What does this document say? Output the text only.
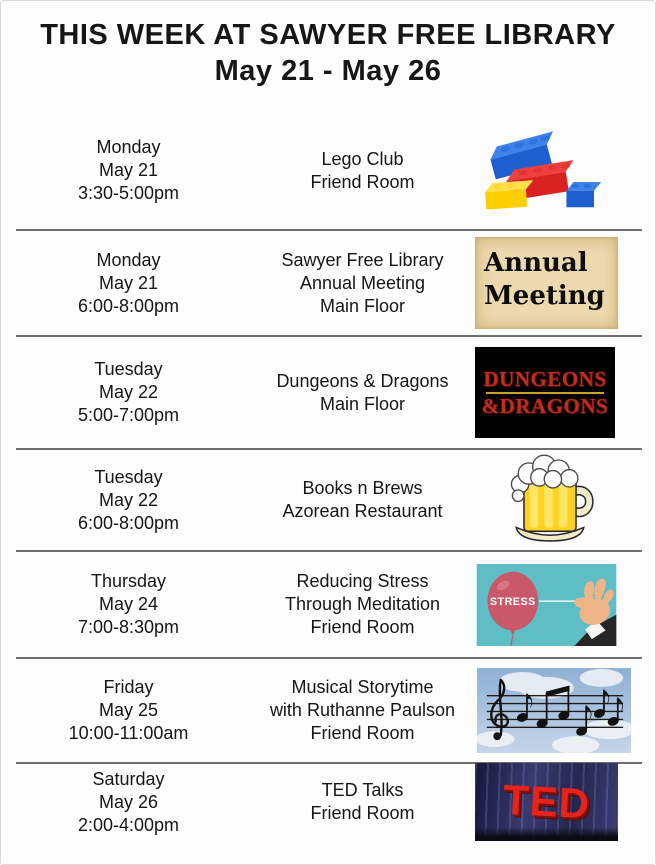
THIS WEEK AT SAWYER FREE LIBRARY
May 21 - May 26
Monday
May 21
3:30-5:00pm
Lego Club
Friend Room
Monday
May 21
6:00-8:00pm
Sawyer Free Library
Annual Meeting
Main Floor
Annual
Meeting
Tuesday
May 22
5:00-7:00pm
Dungeons & Dragons
Main Floor
DUNGEONS
&DRAGONS
Tuesday
May 22
6:00-8:00pm
Books n Brews
Azorean Restaurant
Thursday
May 24
7:00-8:30pm
Reducing Stress
Through Meditation
Friend Room
STRESS
Friday
May 25
10:00-11:00am
Musical Storytime
with Ruthanne Paulson
Friend Room
Saturday
May 26
2:00-4:00pm
TED Talks
Friend Room	TED
